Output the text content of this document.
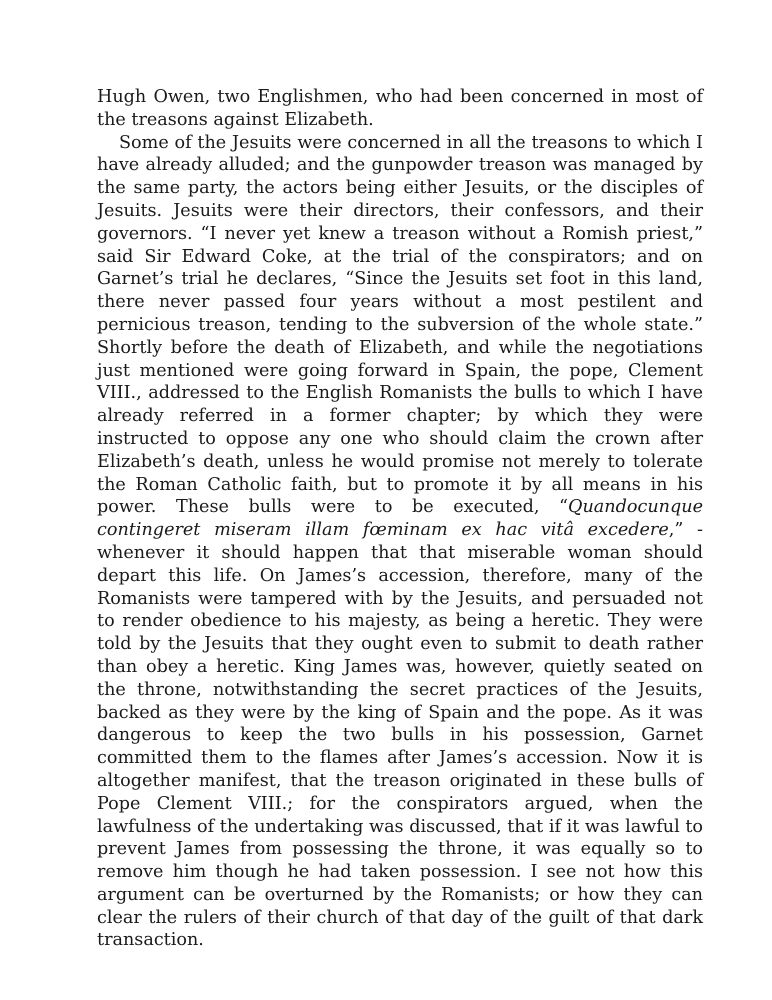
Hugh Owen, two Englishmen, who had been concerned in most of the treasons against Elizabeth.

Some of the Jesuits were concerned in all the treasons to which I have already alluded; and the gunpowder treason was managed by the same party, the actors being either Jesuits, or the disciples of Jesuits. Jesuits were their directors, their confessors, and their governors. “I never yet knew a treason without a Romish priest,” said Sir Edward Coke, at the trial of the conspirators; and on Garnet’s trial he declares, “Since the Jesuits set foot in this land, there never passed four years without a most pestilent and pernicious treason, tending to the subversion of the whole state.” Shortly before the death of Elizabeth, and while the negotiations just mentioned were going forward in Spain, the pope, Clement VIII., addressed to the English Romanists the bulls to which I have already referred in a former chapter; by which they were instructed to oppose any one who should claim the crown after Elizabeth’s death, unless he would promise not merely to tolerate the Roman Catholic faith, but to promote it by all means in his power. These bulls were to be executed, “Quandocunque contingeret miseram illam fœminam ex hac vitâ excedere,” - whenever it should happen that that miserable woman should depart this life. On James’s accession, therefore, many of the Romanists were tampered with by the Jesuits, and persuaded not to render obedience to his majesty, as being a heretic. They were told by the Jesuits that they ought even to submit to death rather than obey a heretic. King James was, however, quietly seated on the throne, notwithstanding the secret practices of the Jesuits, backed as they were by the king of Spain and the pope. As it was dangerous to keep the two bulls in his possession, Garnet committed them to the flames after James’s accession. Now it is altogether manifest, that the treason originated in these bulls of Pope Clement VIII.; for the conspirators argued, when the lawfulness of the undertaking was discussed, that if it was lawful to prevent James from possessing the throne, it was equally so to remove him though he had taken possession. I see not how this argument can be overturned by the Romanists; or how they can clear the rulers of their church of that day of the guilt of that dark transaction.
